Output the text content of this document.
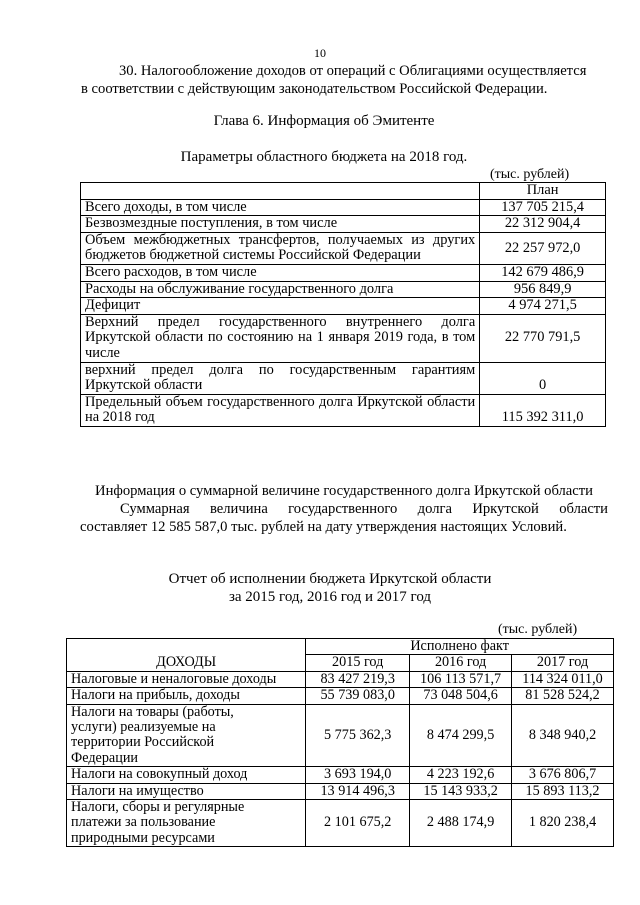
10
30. Налогообложение доходов от операций с Облигациями осуществляется
в соответствии с действующим законодательством Российской Федерации.
Глава 6. Информация об Эмитенте
Параметры областного бюджета на 2018 год.
(тыс. рублей)
	План
Всего доходы, в том числе	137 705 215,4
Безвозмездные поступления, в том числе	22 312 904,4
Объем межбюджетных трансфертов, получаемых из других бюджетов бюджетной системы Российской Федерации	22 257 972,0
Всего расходов, в том числе	142 679 486,9
Расходы на обслуживание государственного долга	956 849,9
Дефицит	4 974 271,5
Верхний предел государственного внутреннего долга Иркутской области по состоянию на 1 января 2019 года, в том числе	22 770 791,5
верхний предел долга по государственным гарантиям Иркутской области	0
Предельный объем государственного долга Иркутской области на 2018 год	115 392 311,0
Информация о суммарной величине государственного долга Иркутской области
Суммарная величина государственного долга Иркутской области
составляет 12 585 587,0 тыс. рублей на дату утверждения настоящих Условий.
Отчет об исполнении бюджета Иркутской области
за 2015 год, 2016 год и 2017 год
(тыс. рублей)
	Исполнено факт		
ДОХОДЫ	2015 год	2016 год	2017 год
Налоговые и неналоговые доходы	83 427 219,3	106 113 571,7	114 324 011,0
Налоги на прибыль, доходы	55 739 083,0	73 048 504,6	81 528 524,2
Налоги на товары (работы, услуги) реализуемые на территории Российской Федерации	5 775 362,3	8 474 299,5	8 348 940,2
Налоги на совокупный доход	3 693 194,0	4 223 192,6	3 676 806,7
Налоги на имущество	13 914 496,3	15 143 933,2	15 893 113,2
Налоги, сборы и регулярные платежи за пользование природными ресурсами	2 101 675,2	2 488 174,9	1 820 238,4
